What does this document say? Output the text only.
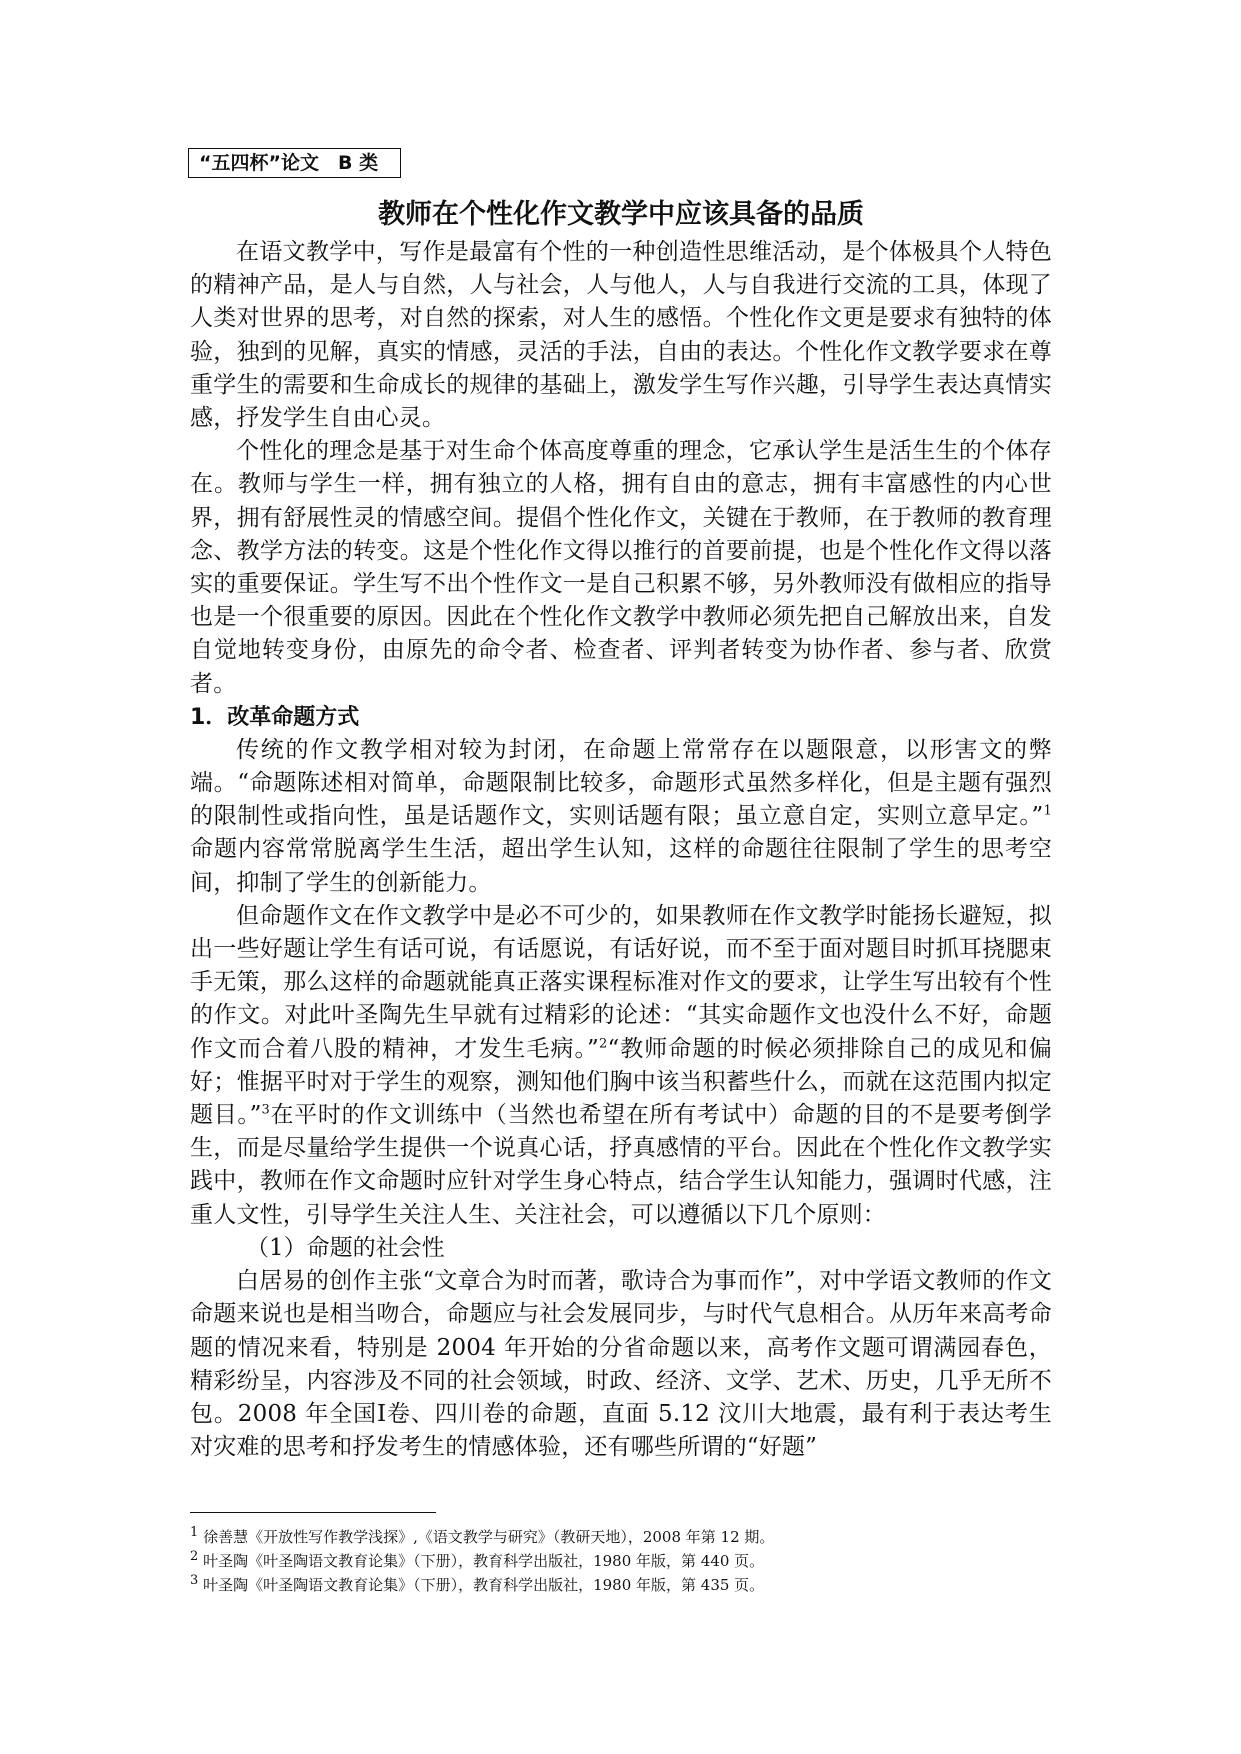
“五四杯”论文　B 类
教师在个性化作文教学中应该具备的品质

在语文教学中，写作是最富有个性的一种创造性思维活动，是个体极具个人特色的精神产品，是人与自然，人与社会，人与他人，人与自我进行交流的工具，体现了人类对世界的思考，对自然的探索，对人生的感悟。个性化作文更是要求有独特的体验，独到的见解，真实的情感，灵活的手法，自由的表达。个性化作文教学要求在尊重学生的需要和生命成长的规律的基础上，激发学生写作兴趣，引导学生表达真情实感，抒发学生自由心灵。

个性化的理念是基于对生命个体高度尊重的理念，它承认学生是活生生的个体存在。教师与学生一样，拥有独立的人格，拥有自由的意志，拥有丰富感性的内心世界，拥有舒展性灵的情感空间。提倡个性化作文，关键在于教师，在于教师的教育理念、教学方法的转变。这是个性化作文得以推行的首要前提，也是个性化作文得以落实的重要保证。学生写不出个性作文一是自己积累不够，另外教师没有做相应的指导也是一个很重要的原因。因此在个性化作文教学中教师必须先把自己解放出来，自发自觉地转变身份，由原先的命令者、检查者、评判者转变为协作者、参与者、欣赏者。

1．改革命题方式

传统的作文教学相对较为封闭，在命题上常常存在以题限意，以形害文的弊端。“命题陈述相对简单，命题限制比较多，命题形式虽然多样化，但是主题有强烈的限制性或指向性，虽是话题作文，实则话题有限；虽立意自定，实则立意早定。”$^1$命题内容常常脱离学生生活，超出学生认知，这样的命题往往限制了学生的思考空间，抑制了学生的创新能力。

但命题作文在作文教学中是必不可少的，如果教师在作文教学时能扬长避短，拟出一些好题让学生有话可说，有话愿说，有话好说，而不至于面对题目时抓耳挠腮束手无策，那么这样的命题就能真正落实课程标准对作文的要求，让学生写出较有个性的作文。对此叶圣陶先生早就有过精彩的论述：“其实命题作文也没什么不好，命题作文而合着八股的精神，才发生毛病。”$^2$“教师命题的时候必须排除自己的成见和偏好；惟据平时对于学生的观察，测知他们胸中该当积蓄些什么，而就在这范围内拟定题目。”$^3$在平时的作文训练中（当然也希望在所有考试中）命题的目的不是要考倒学生，而是尽量给学生提供一个说真心话，抒真感情的平台。因此在个性化作文教学实践中，教师在作文命题时应针对学生身心特点，结合学生认知能力，强调时代感，注重人文性，引导学生关注人生、关注社会，可以遵循以下几个原则：

（1）命题的社会性

白居易的创作主张“文章合为时而著，歌诗合为事而作”，对中学语文教师的作文命题来说也是相当吻合，命题应与社会发展同步，与时代气息相合。从历年来高考命题的情况来看，特别是 2004 年开始的分省命题以来，高考作文题可谓满园春色，精彩纷呈，内容涉及不同的社会领域，时政、经济、文学、艺术、历史，几乎无所不包。2008 年全国Ⅰ卷、四川卷的命题，直面 5.12 汶川大地震，最有利于表达考生对灾难的思考和抒发考生的情感体验，还有哪些所谓的“好题”

$^1$ 徐善慧《开放性写作教学浅探》,《语文教学与研究》（教研天地），2008 年第 12 期。

$^2$ 叶圣陶《叶圣陶语文教育论集》（下册），教育科学出版社，1980 年版，第 440 页。

$^3$ 叶圣陶《叶圣陶语文教育论集》（下册），教育科学出版社，1980 年版，第 435 页。
